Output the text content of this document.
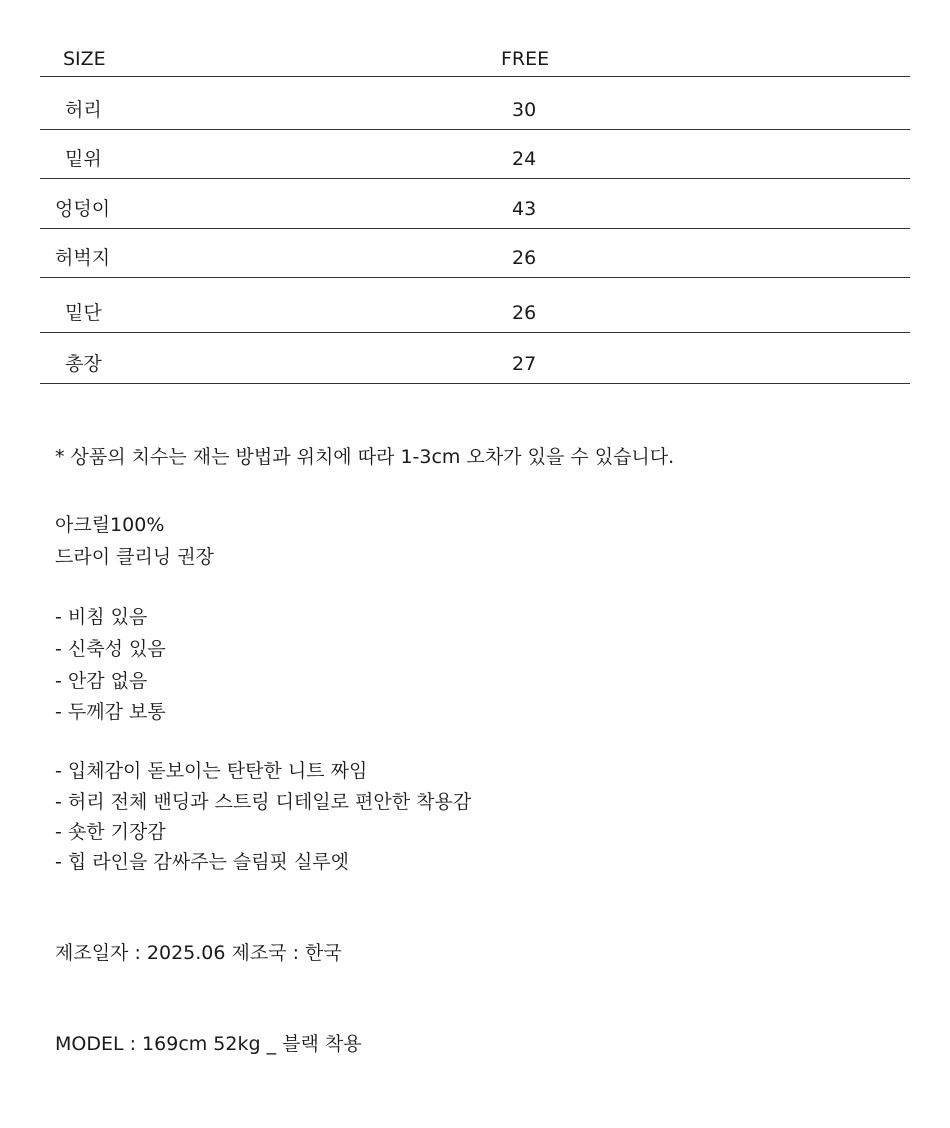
SIZE	FREE
허리	30
밑위	24
엉덩이	43
허벅지	26
밑단	26
총장	27
* 상품의 치수는 재는 방법과 위치에 따라 1-3cm 오차가 있을 수 있습니다.
아크릴100%
드라이 클리닝 권장
- 비침 있음
- 신축성 있음
- 안감 없음
- 두께감 보통
- 입체감이 돋보이는 탄탄한 니트 짜임
- 허리 전체 밴딩과 스트링 디테일로 편안한 착용감
- 숏한 기장감
- 힙 라인을 감싸주는 슬림핏 실루엣
제조일자 : 2025.06 제조국 : 한국
MODEL : 169cm 52kg _ 블랙 착용
